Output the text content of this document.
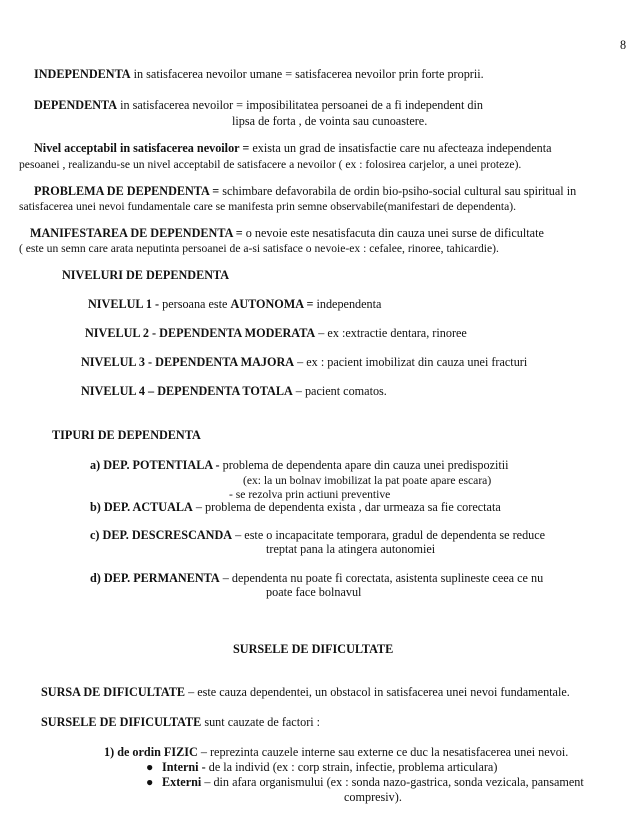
8
INDEPENDENTA in satisfacerea nevoilor umane = satisfacerea nevoilor prin forte proprii.
DEPENDENTA in satisfacerea nevoilor = imposibilitatea persoanei de a fi independent din
lipsa de forta , de vointa sau cunoastere.
Nivel acceptabil in satisfacerea nevoilor = exista un grad de insatisfactie care nu afecteaza independenta
pesoanei , realizandu-se un nivel acceptabil de satisfacere a nevoilor ( ex : folosirea carjelor, a unei proteze).
PROBLEMA DE DEPENDENTA = schimbare defavorabila de ordin bio-psiho-social cultural sau spiritual in
satisfacerea unei nevoi fundamentale care se manifesta prin semne observabile(manifestari de dependenta).
MANIFESTAREA DE DEPENDENTA = o nevoie este nesatisfacuta din cauza unei surse de dificultate
( este un semn care arata neputinta persoanei de a-si satisface o nevoie-ex : cefalee, rinoree, tahicardie).
NIVELURI DE DEPENDENTA
NIVELUL 1 - persoana este AUTONOMA = independenta
NIVELUL 2 - DEPENDENTA MODERATA – ex :extractie dentara, rinoree
NIVELUL 3 - DEPENDENTA MAJORA – ex : pacient imobilizat din cauza unei fracturi
NIVELUL 4 – DEPENDENTA TOTALA – pacient comatos.
TIPURI DE DEPENDENTA
a) DEP. POTENTIALA - problema de dependenta apare din cauza unei predispozitii
(ex: la un bolnav imobilizat la pat poate apare escara)
- se rezolva prin actiuni preventive
b) DEP. ACTUALA – problema de dependenta exista , dar urmeaza sa fie corectata
c) DEP. DESCRESCANDA – este o incapacitate temporara, gradul de dependenta se reduce
treptat pana la atingera autonomiei
d) DEP. PERMANENTA – dependenta nu poate fi corectata, asistenta suplineste ceea ce nu
poate face bolnavul
SURSELE DE DIFICULTATE
SURSA DE DIFICULTATE – este cauza dependentei, un obstacol in satisfacerea unei nevoi fundamentale.
SURSELE DE DIFICULTATE sunt cauzate de factori :
1) de ordin FIZIC – reprezinta cauzele interne sau externe ce duc la nesatisfacerea unei nevoi.
● Interni - de la individ (ex : corp strain, infectie, problema articulara)
● Externi – din afara organismului (ex : sonda nazo-gastrica, sonda vezicala, pansament
compresiv).
